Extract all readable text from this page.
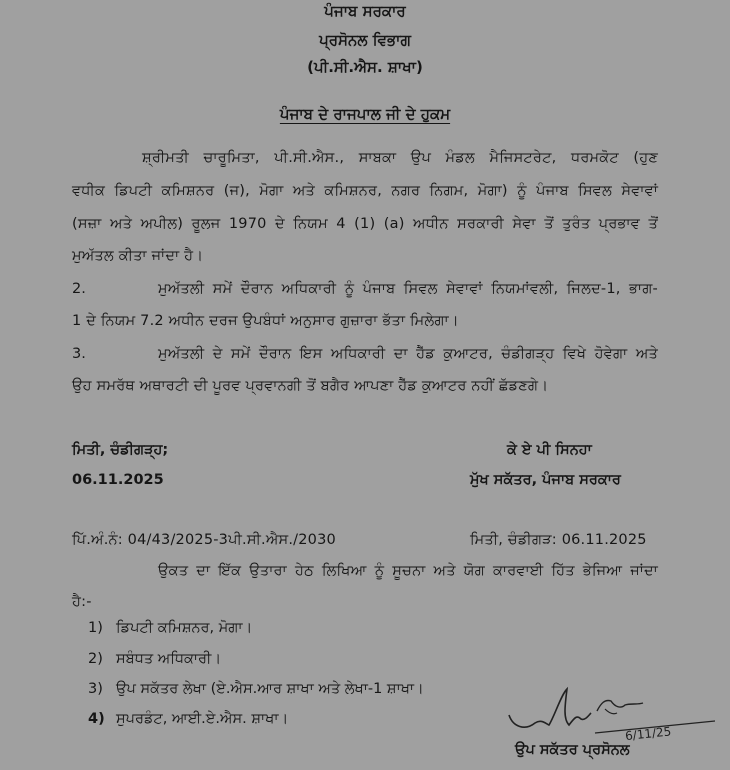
ਪੰਜਾਬ ਸਰਕਾਰ
ਪ੍ਰਸੋਨਲ ਵਿਭਾਗ
(ਪੀ.ਸੀ.ਐਸ. ਸ਼ਾਖਾ)
ਪੰਜਾਬ ਦੇ ਰਾਜਪਾਲ ਜੀ ਦੇ ਹੁਕਮ
ਸ਼੍ਰੀਮਤੀ ਚਾਰੂਮਿਤਾ, ਪੀ.ਸੀ.ਐਸ., ਸਾਬਕਾ ਉਪ ਮੰਡਲ ਮੈਜਿਸਟਰੇਟ, ਧਰਮਕੋਟ (ਹੁਣ
ਵਧੀਕ ਡਿਪਟੀ ਕਮਿਸ਼ਨਰ (ਜ), ਮੋਗਾ ਅਤੇ ਕਮਿਸ਼ਨਰ, ਨਗਰ ਨਿਗਮ, ਮੋਗਾ) ਨੂੰ ਪੰਜਾਬ ਸਿਵਲ ਸੇਵਾਵਾਂ
(ਸਜ਼ਾ ਅਤੇ ਅਪੀਲ) ਰੂਲਜ 1970 ਦੇ ਨਿਯਮ 4 (1) (a) ਅਧੀਨ ਸਰਕਾਰੀ ਸੇਵਾ ਤੋਂ ਤੁਰੰਤ ਪ੍ਰਭਾਵ ਤੋਂ
ਮੁਅੱਤਲ ਕੀਤਾ ਜਾਂਦਾ ਹੈ।
2.	ਮੁਅੱਤਲੀ ਸਮੇਂ ਦੌਰਾਨ ਅਧਿਕਾਰੀ ਨੂੰ ਪੰਜਾਬ ਸਿਵਲ ਸੇਵਾਵਾਂ ਨਿਯਮਾਂਵਲੀ, ਜਿਲਦ-1, ਭਾਗ-
1 ਦੇ ਨਿਯਮ 7.2 ਅਧੀਨ ਦਰਜ ਉਪਬੰਧਾਂ ਅਨੁਸਾਰ ਗੁਜ਼ਾਰਾ ਭੱਤਾ ਮਿਲੇਗਾ।
3.	ਮੁਅੱਤਲੀ ਦੇ ਸਮੇਂ ਦੌਰਾਨ ਇਸ ਅਧਿਕਾਰੀ ਦਾ ਹੈੱਡ ਕੁਆਟਰ, ਚੰਡੀਗੜ੍ਹ ਵਿਖੇ ਹੋਵੇਗਾ ਅਤੇ
ਉਹ ਸਮਰੱਥ ਅਥਾਰਟੀ ਦੀ ਪੂਰਵ ਪ੍ਰਵਾਨਗੀ ਤੋਂ ਬਗੈਰ ਆਪਣਾ ਹੈੱਡ ਕੁਆਟਰ ਨਹੀਂ ਛੱਡਣਗੇ।
ਮਿਤੀ, ਚੰਡੀਗੜ੍ਹ;
06.11.2025
ਕੇ ਏ ਪੀ ਸਿਨਹਾ
ਮੁੱਖ ਸਕੱਤਰ, ਪੰਜਾਬ ਸਰਕਾਰ
ਪਿੱ.ਅੰ.ਨੰ: 04/43/2025-3ਪੀ.ਸੀ.ਐਸ./2030	ਮਿਤੀ, ਚੰਡੀਗੜ: 06.11.2025
ਉਕਤ ਦਾ ਇੱਕ ਉਤਾਰਾ ਹੇਠ ਲਿਖਿਆ ਨੂੰ ਸੂਚਨਾ ਅਤੇ ਯੋਗ ਕਾਰਵਾਈ ਹਿੱਤ ਭੇਜਿਆ ਜਾਂਦਾ
ਹੈ:-
1) ਡਿਪਟੀ ਕਮਿਸ਼ਨਰ, ਮੋਗਾ।
2) ਸਬੰਧਤ ਅਧਿਕਾਰੀ।
3) ਉਪ ਸਕੱਤਰ ਲੇਖਾ (ਏ.ਐਸ.ਆਰ ਸ਼ਾਖਾ ਅਤੇ ਲੇਖਾ-1 ਸ਼ਾਖਾ।
4) ਸੁਪਰਡੰਟ, ਆਈ.ਏ.ਐਸ. ਸ਼ਾਖਾ।
6/11/25
ਉਪ ਸਕੱਤਰ ਪ੍ਰਸੋਨਲ
